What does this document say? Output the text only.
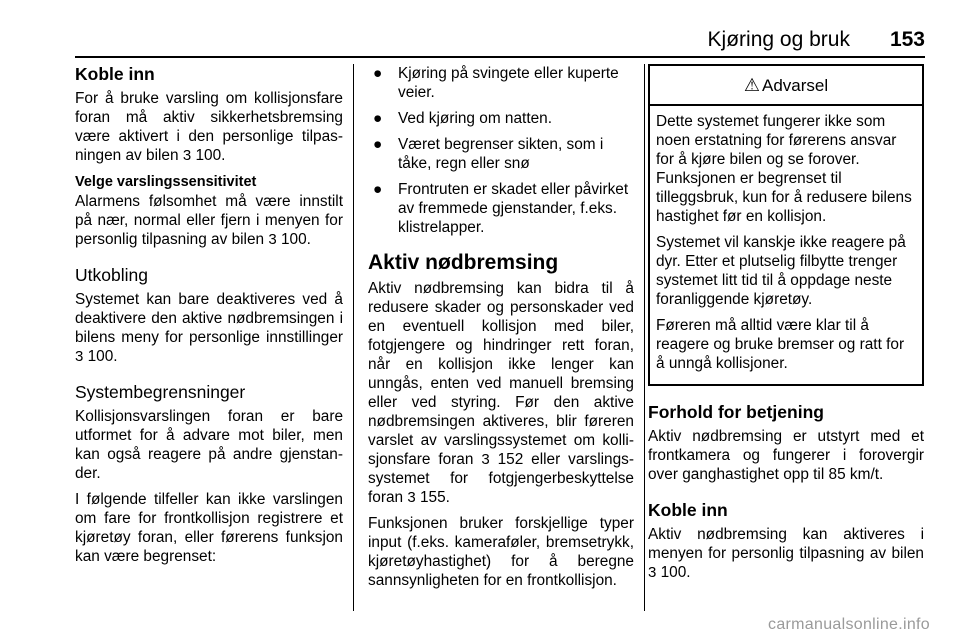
Kjøring og bruk 153
Koble inn

For å bruke varsling om kollisjonsfare foran må aktiv sikkerhetsbremsing være aktivert i den personlige tilpasningen av bilen 3 100.

Velge varslingssensitivitet

Alarmens følsomhet må være innstilt på nær, normal eller fjern i menyen for personlig tilpasning av bilen 3 100.

Utkobling

Systemet kan bare deaktiveres ved å deaktivere den aktive nødbremsingen i bilens meny for personlige innstillinger 3 100.

Systembegrensninger

Kollisjonsvarslingen foran er bare utformet for å advare mot biler, men kan også reagere på andre gjenstander.

I følgende tilfeller kan ikke varslingen om fare for frontkollisjon registrere et kjøretøy foran, eller førerens funksjon kan være begrenset:

● Kjøring på svingete eller kuperte veier.
● Ved kjøring om natten.
● Været begrenser sikten, som i tåke, regn eller snø
● Frontruten er skadet eller påvirket av fremmede gjenstander, f.eks. klistrelapper.
Aktiv nødbremsing

Aktiv nødbremsing kan bidra til å redusere skader og personskader ved en eventuell kollisjon med biler, fotgjengere og hindringer rett foran, når en kollisjon ikke lenger kan unngås, enten ved manuell bremsing eller ved styring. Før den aktive nødbremsingen aktiveres, blir føreren varslet av varslingssystemet om kollisjonsfare foran 3 152 eller varslingssystemet for fotgjengerbeskyttelse foran 3 155.

Funksjonen bruker forskjellige typer input (f.eks. kameraføler, bremsetrykk, kjøretøyhastighet) for å beregne sannsynligheten for en frontkollisjon.

⚠ Advarsel

Dette systemet fungerer ikke som noen erstatning for førerens ansvar for å kjøre bilen og se forover. Funksjonen er begrenset til tilleggsbruk, kun for å redusere bilens hastighet før en kollisjon.

Systemet vil kanskje ikke reagere på dyr. Etter et plutselig filbytte trenger systemet litt tid til å oppdage neste foranliggende kjøretøy.

Føreren må alltid være klar til å reagere og bruke bremser og ratt for å unngå kollisjoner.

Forhold for betjening

Aktiv nødbremsing er utstyrt med et frontkamera og fungerer i forovergir over ganghastighet opp til 85 km/t.

Koble inn

Aktiv nødbremsing kan aktiveres i menyen for personlig tilpasning av bilen 3 100.

carmanualsonline.info
